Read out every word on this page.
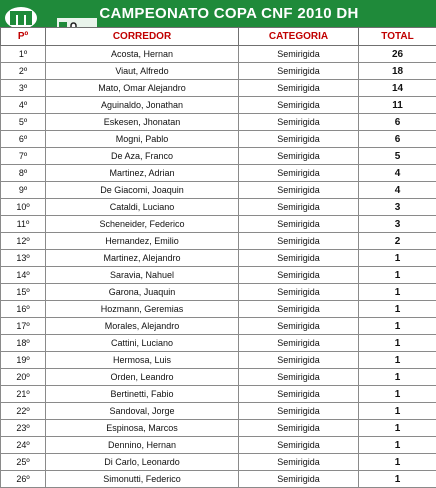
CAMPEONATO COPA CNF 2010 DH
Pº	CORREDOR	CATEGORIA	TOTAL
1º	Acosta, Hernan	Semirigida	26
2º	Viaut, Alfredo	Semirigida	18
3º	Mato, Omar Alejandro	Semirigida	14
4º	Aguinaldo, Jonathan	Semirigida	11
5º	Eskesen, Jhonatan	Semirigida	6
6º	Mogni, Pablo	Semirigida	6
7º	De Aza, Franco	Semirigida	5
8º	Martinez, Adrian	Semirigida	4
9º	De Giacomi, Joaquin	Semirigida	4
10º	Cataldi, Luciano	Semirigida	3
11º	Scheneider, Federico	Semirigida	3
12º	Hernandez, Emilio	Semirigida	2
13º	Martinez, Alejandro	Semirigida	1
14º	Saravia, Nahuel	Semirigida	1
15º	Garona, Juaquin	Semirigida	1
16º	Hozmann, Geremias	Semirigida	1
17º	Morales, Alejandro	Semirigida	1
18º	Cattini, Luciano	Semirigida	1
19º	Hermosa, Luis	Semirigida	1
20º	Orden, Leandro	Semirigida	1
21º	Bertinetti, Fabio	Semirigida	1
22º	Sandoval, Jorge	Semirigida	1
23º	Espinosa, Marcos	Semirigida	1
24º	Dennino, Hernan	Semirigida	1
25º	Di Carlo, Leonardo	Semirigida	1
26º	Simonutti, Federico	Semirigida	1
